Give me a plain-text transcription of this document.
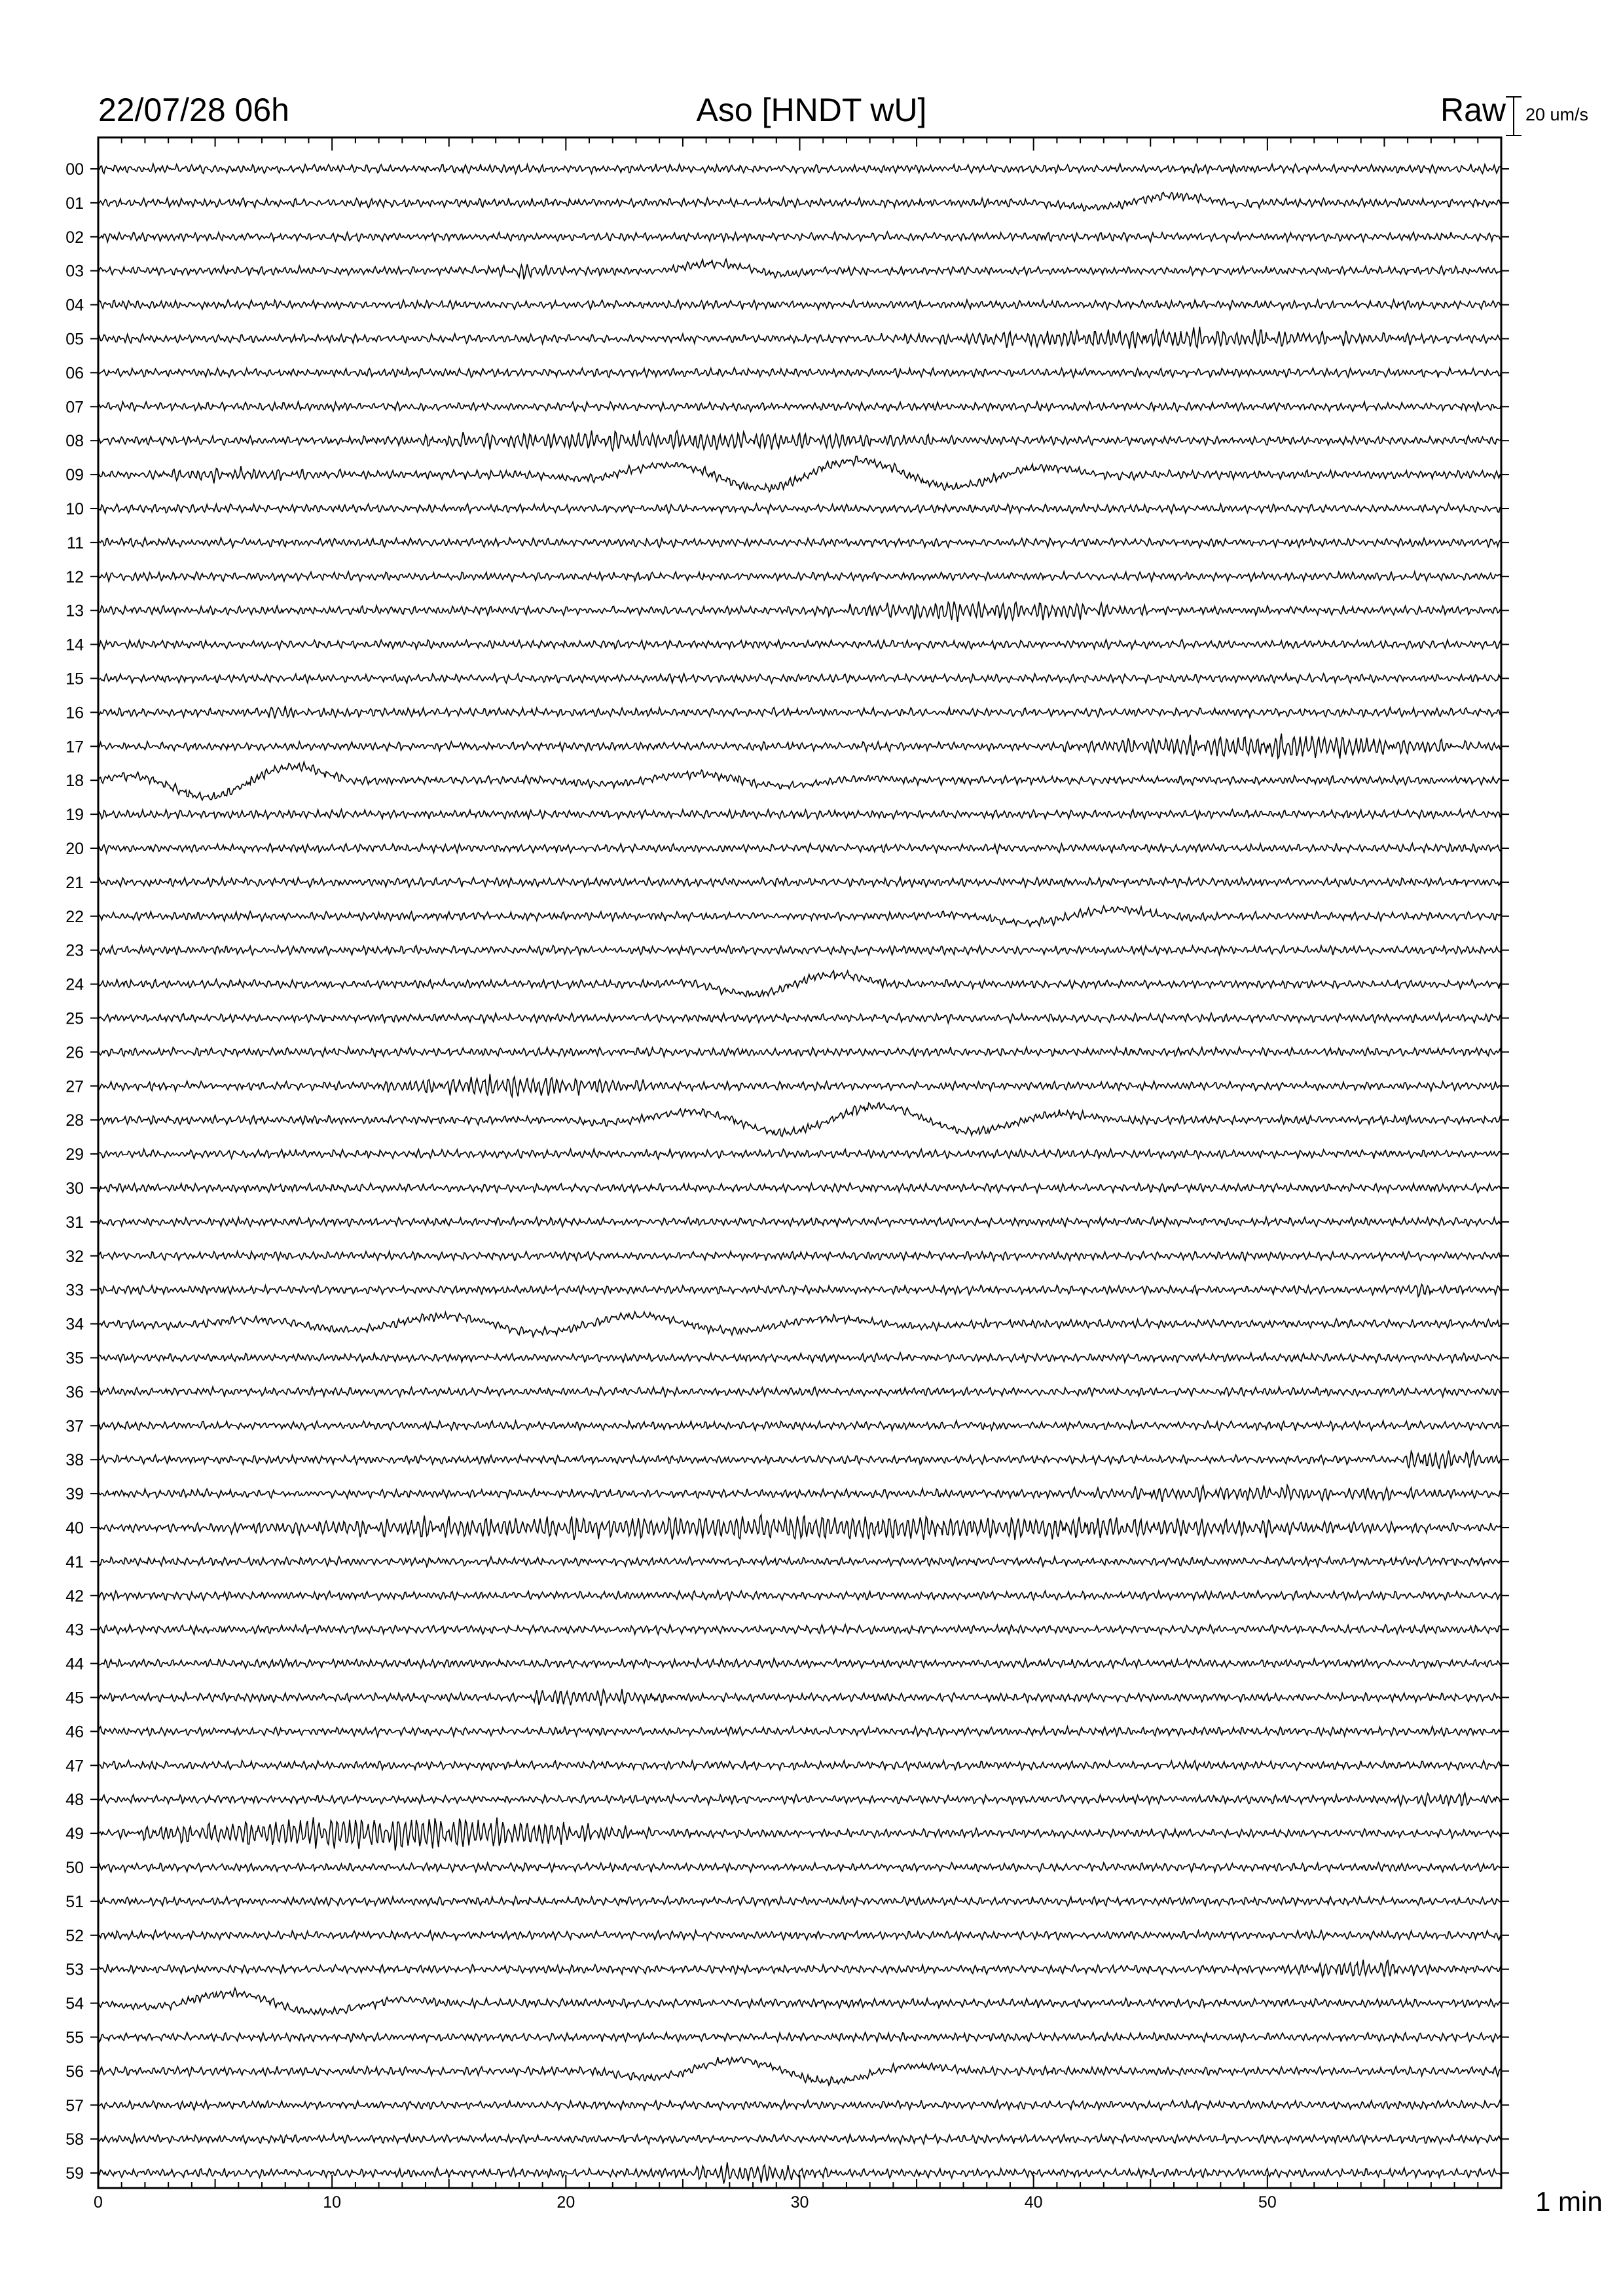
22/07/28 06h	Aso [HNDT wU]	Raw 20 um/s
1 min
00
01
02
03
04
05
06
07
08
09
10
11
12
13
14
15
16
17
18
19
20
21
22
23
24
25
26
27
28
29
30
31
32
33
34
35
36
37
38
39
40
41
42
43
44
45
46
47
48
49
50
51
52
53
54
55
56
57
58
59
0	10	20	30	40	50
